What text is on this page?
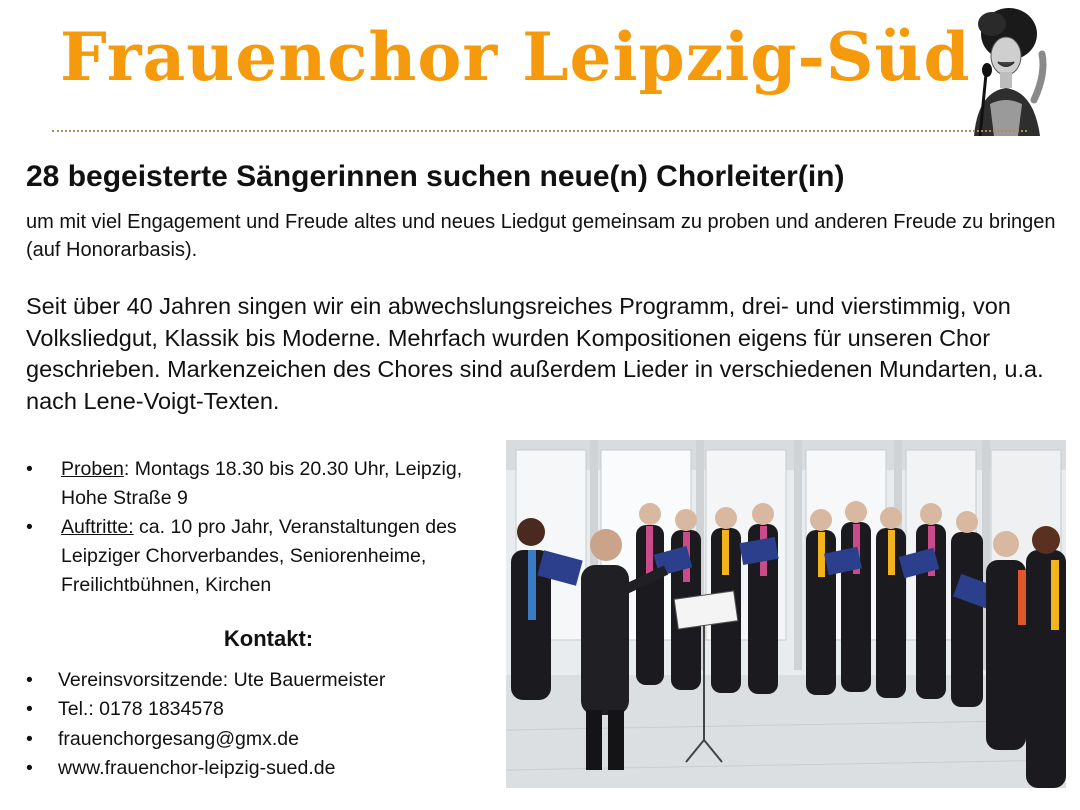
Frauenchor Leipzig-Süd
28 begeisterte Sängerinnen suchen neue(n) Chorleiter(in)
um mit viel Engagement und Freude altes und neues Liedgut gemeinsam zu proben und anderen Freude zu bringen (auf Honorarbasis).
Seit über 40 Jahren singen wir ein abwechslungsreiches Programm, drei- und vierstimmig, von Volksliedgut, Klassik bis Moderne. Mehrfach wurden Kompositionen eigens für unseren Chor geschrieben. Markenzeichen des Chores sind außerdem Lieder in verschiedenen Mundarten, u.a. nach Lene-Voigt-Texten.
• Proben: Montags 18.30 bis 20.30 Uhr, Leipzig, Hohe Straße 9
• Auftritte: ca. 10 pro Jahr, Veranstaltungen des Leipziger Chorverbandes, Seniorenheime, Freilichtbühnen, Kirchen
Kontakt:
• Vereinsvorsitzende: Ute Bauermeister
• Tel.: 0178 1834578
• frauenchorgesang@gmx.de
• www.frauenchor-leipzig-sued.de
